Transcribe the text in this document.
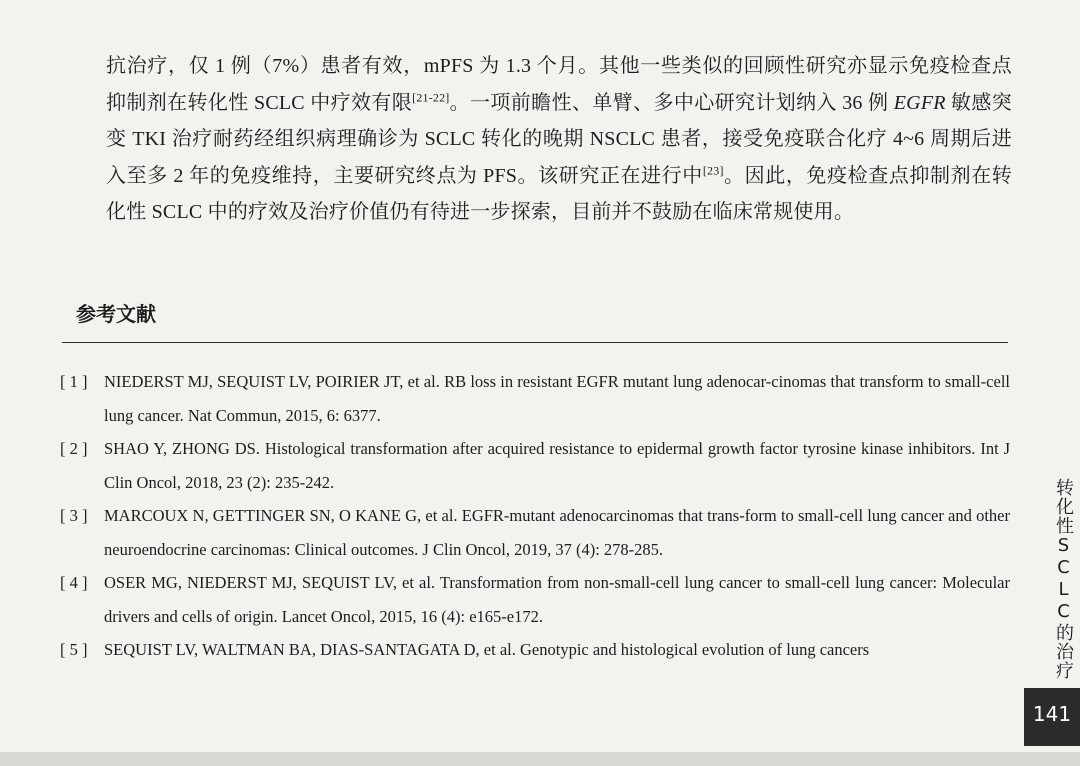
抗治疗，仅 1 例（7%）患者有效，mPFS 为 1.3 个月。其他一些类似的回顾性研究亦显示免疫检查点抑制剂在转化性 SCLC 中疗效有限[21-22]。一项前瞻性、单臂、多中心研究计划纳入 36 例 EGFR 敏感突变 TKI 治疗耐药经组织病理确诊为 SCLC 转化的晚期 NSCLC 患者，接受免疫联合化疗 4~6 周期后进入至多 2 年的免疫维持，主要研究终点为 PFS。该研究正在进行中[23]。因此，免疫检查点抑制剂在转化性 SCLC 中的疗效及治疗价值仍有待进一步探索，目前并不鼓励在临床常规使用。

参考文献
[ 1 ] NIEDERST MJ, SEQUIST LV, POIRIER JT, et al. RB loss in resistant EGFR mutant lung adenocar-cinomas that transform to small-cell lung cancer. Nat Commun, 2015, 6: 6377.
[ 2 ] SHAO Y, ZHONG DS. Histological transformation after acquired resistance to epidermal growth factor tyrosine kinase inhibitors. Int J Clin Oncol, 2018, 23 (2): 235-242.
[ 3 ] MARCOUX N, GETTINGER SN, O KANE G, et al. EGFR-mutant adenocarcinomas that trans-form to small-cell lung cancer and other neuroendocrine carcinomas: Clinical outcomes. J Clin Oncol, 2019, 37 (4): 278-285.
[ 4 ] OSER MG, NIEDERST MJ, SEQUIST LV, et al. Transformation from non-small-cell lung cancer to small-cell lung cancer: Molecular drivers and cells of origin. Lancet Oncol, 2015, 16 (4): e165-e172.
[ 5 ] SEQUIST LV, WALTMAN BA, DIAS-SANTAGATA D, et al. Genotypic and histological evolution of lung cancers	转化性SCLC的治疗
141
